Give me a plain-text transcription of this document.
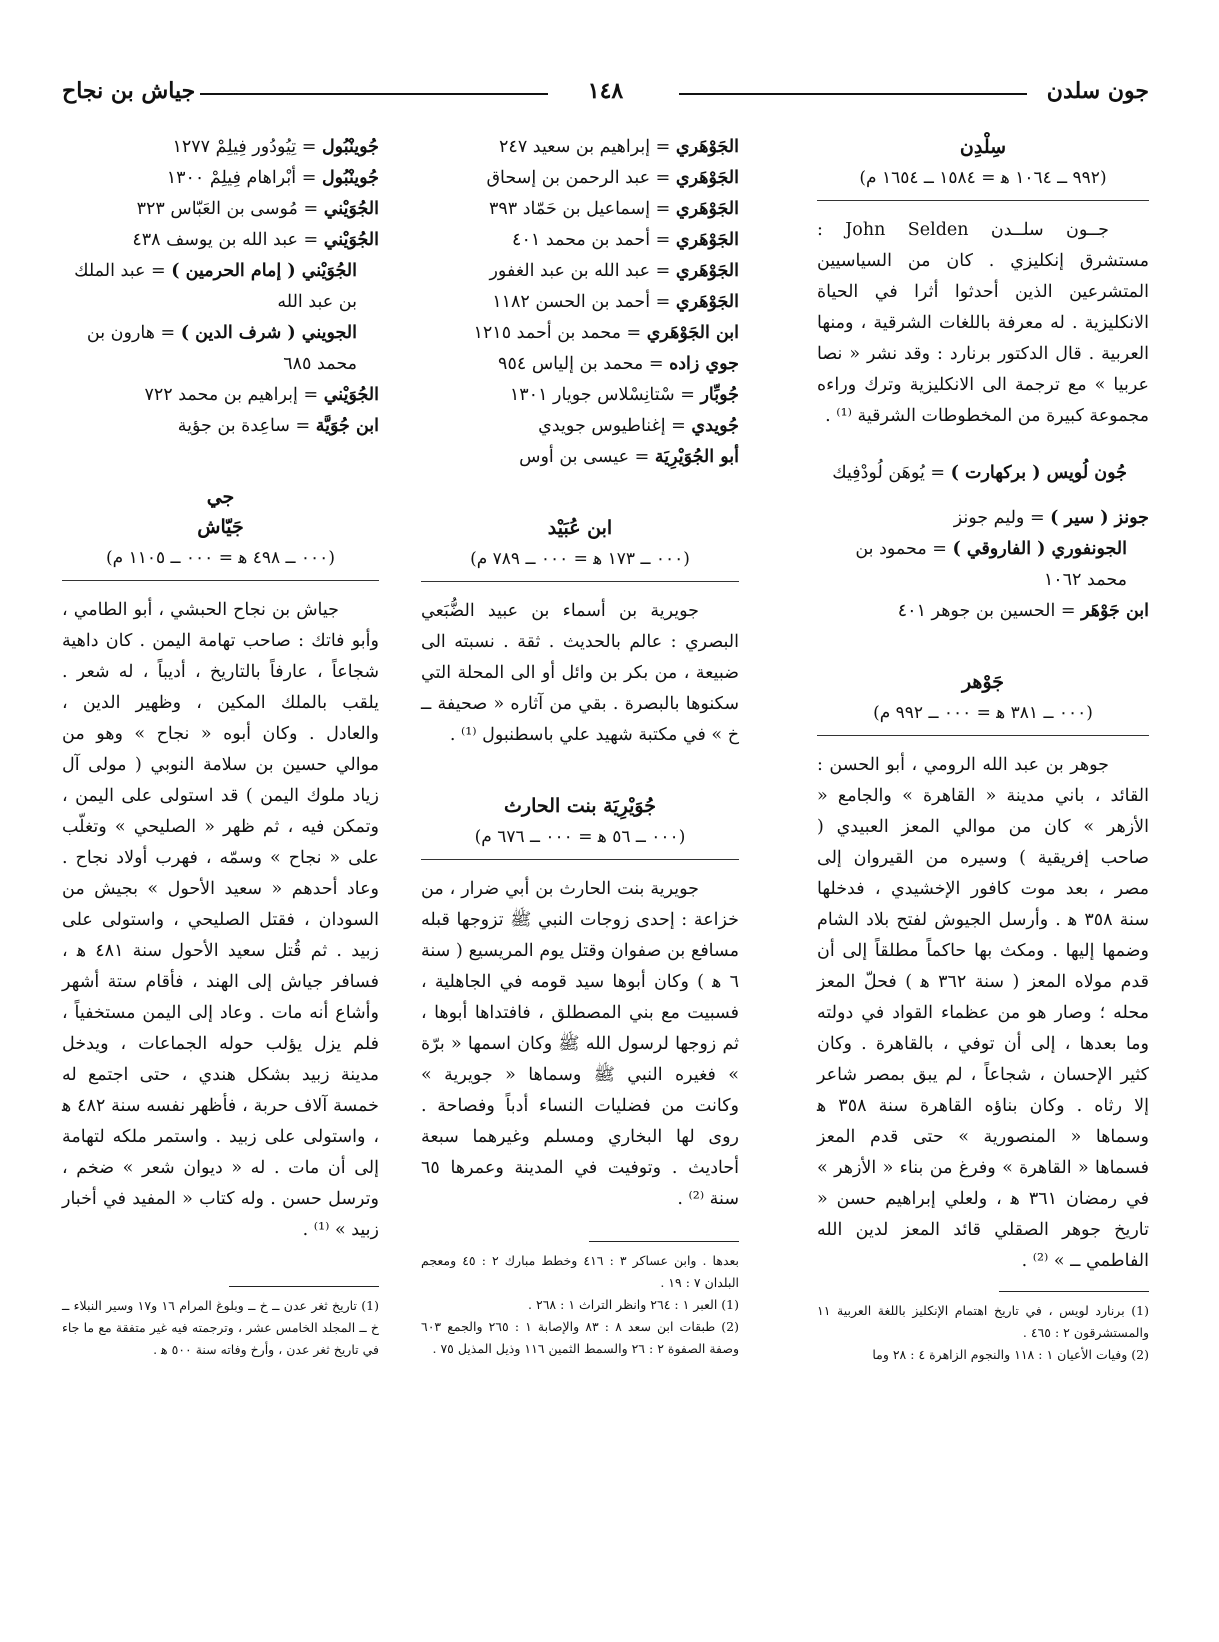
جون سلدن
١٤٨
جياش بن نجاح

سِلْدِن

(٩٩٢ ــ ١٠٦٤ ﻫ = ١٥٨٤ ــ ١٦٥٤ م)

جــون سلــدن John Selden : مستشرق إنكليزي . كان من السياسيين المتشرعين الذين أحدثوا أثرا في الحياة الانكليزية . له معرفة باللغات الشرقية ، ومنها العربية . قال الدكتور برنارد : وقد نشر « نصا عربيا » مع ترجمة الى الانكليزية وترك وراءه مجموعة كبيرة من المخطوطات الشرقية ⁽¹⁾ .

جُون لُويس ( بركهارت ) = يُوهَن لُودْفِيك

جونز ( سير ) = وليم جونز

الجونفوري ( الفاروقي ) = محمود بن محمد ١٠٦٢

ابن جَوْهَر = الحسين بن جوهر ٤٠١

جَوْهر

(٠٠٠ ــ ٣٨١ ﻫ = ٠٠٠ ــ ٩٩٢ م)

جوهر بن عبد الله الرومي ، أبو الحسن : القائد ، باني مدينة « القاهرة » والجامع « الأزهر » كان من موالي المعز العبيدي ( صاحب إفريقية ) وسيره من القيروان إلى مصر ، بعد موت كافور الإخشيدي ، فدخلها سنة ٣٥٨ ﻫ . وأرسل الجيوش لفتح بلاد الشام وضمها إليها . ومكث بها حاكماً مطلقاً إلى أن قدم مولاه المعز ( سنة ٣٦٢ ﻫ ) فحلّ المعز محله ؛ وصار هو من عظماء القواد في دولته وما بعدها ، إلى أن توفي ، بالقاهرة . وكان كثير الإحسان ، شجاعاً ، لم يبق بمصر شاعر إلا رثاه . وكان بناؤه القاهرة سنة ٣٥٨ ﻫ وسماها « المنصورية » حتى قدم المعز فسماها « القاهرة » وفرغ من بناء « الأزهر » في رمضان ٣٦١ ﻫ ، ولعلي إبراهيم حسن « تاريخ جوهر الصقلي قائد المعز لدين الله الفاطمي ــ » ⁽²⁾ .

(1) برنارد لويس ، في تاريخ اهتمام الإنكليز باللغة العربية ١١ والمستشرقون ٢ : ٤٦٥ .

(2) وفيات الأعيان ١ : ١١٨ والنجوم الزاهرة ٤ : ٢٨ وما

الجَوْهَري = إبراهيم بن سعيد ٢٤٧

الجَوْهَري = عبد الرحمن بن إسحاق

الجَوْهَري = إسماعيل بن حَمّاد ٣٩٣

الجَوْهَري = أحمد بن محمد ٤٠١

الجَوْهَري = عبد الله بن عبد الغفور

الجَوْهَري = أحمد بن الحسن ١١٨٢

ابن الجَوْهَري = محمد بن أحمد ١٢١٥

جوي زاده = محمد بن إلياس ٩٥٤

جُوبِّار = سْتانِسْلاس جويار ١٣٠١

جُويدي = إغناطيوس جويدي

أبو الجُوَيْرِيَة = عيسى بن أوس

ابن عُبَيْد

(٠٠٠ ــ ١٧٣ ﻫ = ٠٠٠ ــ ٧٨٩ م)

جويرية بن أسماء بن عبيد الضُّبَعي البصري : عالم بالحديث . ثقة . نسبته الى ضبيعة ، من بكر بن وائل أو الى المحلة التي سكنوها بالبصرة . بقي من آثاره « صحيفة ــ خ » في مكتبة شهيد علي باسطنبول ⁽¹⁾ .

جُوَيْرِيَة بنت الحارث

(٠٠٠ ــ ٥٦ ﻫ = ٠٠٠ ــ ٦٧٦ م)

جويرية بنت الحارث بن أبي ضرار ، من خزاعة : إحدى زوجات النبي ﷺ تزوجها قبله مسافع بن صفوان وقتل يوم المريسيع ( سنة ٦ ﻫ ) وكان أبوها سيد قومه في الجاهلية ، فسبيت مع بني المصطلق ، فافتداها أبوها ، ثم زوجها لرسول الله ﷺ وكان اسمها « برّة » فغيره النبي ﷺ وسماها « جويرية » وكانت من فضليات النساء أدباً وفصاحة . روى لها البخاري ومسلم وغيرهما سبعة أحاديث . وتوفيت في المدينة وعمرها ٦٥ سنة ⁽²⁾ .

بعدها . وابن عساكر ٣ : ٤١٦ وخطط مبارك ٢ : ٤٥ ومعجم البلدان ٧ : ١٩ .

(1) العبر ١ : ٢٦٤ وانظر التراث ١ : ٢٦٨ .

(2) طبقات ابن سعد ٨ : ٨٣ والإصابة ١ : ٢٦٥ والجمع ٦٠٣ وصفة الصفوة ٢ : ٢٦ والسمط الثمين ١١٦ وذيل المذيل ٧٥ .

جُوينْبُول = تِيُودُور فِيلِمْ ١٢٧٧

جُوينْبُول = أبْراهام فِيلِمْ ١٣٠٠

الجُوَيْني = مُوسى بن العَبّاس ٣٢٣

الجُوَيْني = عبد الله بن يوسف ٤٣٨

الجُوَيْني ( إمام الحرمين ) = عبد الملك بن عبد الله

الجويني ( شرف الدين ) = هارون بن محمد ٦٨٥

الجُوَيْني = إبراهيم بن محمد ٧٢٢

ابن جُوَيَّة = ساعِدة بن جؤية

جي

جَيّاش

(٠٠٠ ــ ٤٩٨ ﻫ = ٠٠٠ ــ ١١٠٥ م)

جياش بن نجاح الحبشي ، أبو الطامي ، وأبو فاتك : صاحب تهامة اليمن . كان داهية شجاعاً ، عارفاً بالتاريخ ، أديباً ، له شعر . يلقب بالملك المكين ، وظهير الدين ، والعادل . وكان أبوه « نجاح » وهو من موالي حسين بن سلامة النوبي ( مولى آل زياد ملوك اليمن ) قد استولى على اليمن ، وتمكن فيه ، ثم ظهر « الصليحي » وتغلّب على « نجاح » وسمّه ، فهرب أولاد نجاح . وعاد أحدهم « سعيد الأحول » بجيش من السودان ، فقتل الصليحي ، واستولى على زبيد . ثم قُتل سعيد الأحول سنة ٤٨١ ﻫ ، فسافر جياش إلى الهند ، فأقام ستة أشهر وأشاع أنه مات . وعاد إلى اليمن مستخفياً ، فلم يزل يؤلب حوله الجماعات ، ويدخل مدينة زبيد بشكل هندي ، حتى اجتمع له خمسة آلاف حربة ، فأظهر نفسه سنة ٤٨٢ ﻫ ، واستولى على زبيد . واستمر ملكه لتهامة إلى أن مات . له « ديوان شعر » ضخم ، وترسل حسن . وله كتاب « المفيد في أخبار زبيد » ⁽¹⁾ .

(1) تاريخ ثغر عدن ــ خ ــ وبلوغ المرام ١٦ و١٧ وسير النبلاء ــ خ ــ المجلد الخامس عشر ، وترجمته فيه غير متفقة مع ما جاء في تاريخ ثغر عدن ، وأرخ وفاته سنة ٥٠٠ ﻫ .
